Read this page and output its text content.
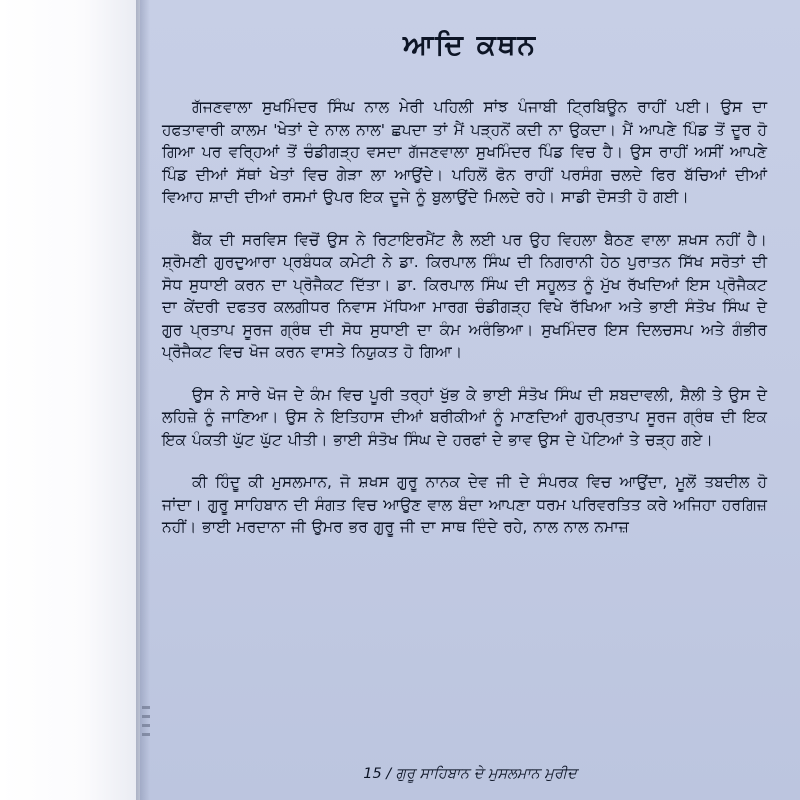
ਆਦਿ ਕਥਨ

ਗੱਜਣਵਾਲਾ ਸੁਖਮਿੰਦਰ ਸਿੰਘ ਨਾਲ ਮੇਰੀ ਪਹਿਲੀ ਸਾਂਝ ਪੰਜਾਬੀ ਟ੍ਰਿਬਿਊਨ ਰਾਹੀਂ ਪਈ। ਉਸ ਦਾ ਹਫਤਾਵਾਰੀ ਕਾਲਮ 'ਖੇਤਾਂ ਦੇ ਨਾਲ ਨਾਲ' ਛਪਦਾ ਤਾਂ ਮੈਂ ਪੜ੍ਹਨੋਂ ਕਦੀ ਨਾ ਉਕਦਾ। ਮੈਂ ਆਪਣੇ ਪਿੰਡ ਤੋਂ ਦੂਰ ਹੋ ਗਿਆ ਪਰ ਵਰ੍ਹਿਆਂ ਤੋਂ ਚੰਡੀਗੜ੍ਹ ਵਸਦਾ ਗੱਜਣਵਾਲਾ ਸੁਖਮਿੰਦਰ ਪਿੰਡ ਵਿਚ ਹੈ। ਉਸ ਰਾਹੀਂ ਅਸੀਂ ਆਪਣੇ ਪਿੰਡ ਦੀਆਂ ਸੱਥਾਂ ਖੇਤਾਂ ਵਿਚ ਗੇੜਾ ਲਾ ਆਉਂਦੇ। ਪਹਿਲੋਂ ਫੋਨ ਰਾਹੀਂ ਪਰਸੰਗ ਚਲਦੇ ਫਿਰ ਬੱਚਿਆਂ ਦੀਆਂ ਵਿਆਹ ਸ਼ਾਦੀ ਦੀਆਂ ਰਸਮਾਂ ਉਪਰ ਇਕ ਦੂਜੇ ਨੂੰ ਬੁਲਾਉਂਦੇ ਮਿਲਦੇ ਰਹੇ। ਸਾਡੀ ਦੋਸਤੀ ਹੋ ਗਈ।

ਬੈਂਕ ਦੀ ਸਰਵਿਸ ਵਿਚੋਂ ਉਸ ਨੇ ਰਿਟਾਇਰਮੈਂਟ ਲੈ ਲਈ ਪਰ ਉਹ ਵਿਹਲਾ ਬੈਠਣ ਵਾਲਾ ਸ਼ਖਸ ਨਹੀਂ ਹੈ। ਸ਼੍ਰੋਮਣੀ ਗੁਰਦੁਆਰਾ ਪ੍ਰਬੰਧਕ ਕਮੇਟੀ ਨੇ ਡਾ. ਕਿਰਪਾਲ ਸਿੰਘ ਦੀ ਨਿਗਰਾਨੀ ਹੇਠ ਪੁਰਾਤਨ ਸਿੱਖ ਸਰੋਤਾਂ ਦੀ ਸੋਧ ਸੁਧਾਈ ਕਰਨ ਦਾ ਪ੍ਰੋਜੈਕਟ ਦਿੱਤਾ। ਡਾ. ਕਿਰਪਾਲ ਸਿੰਘ ਦੀ ਸਹੂਲਤ ਨੂੰ ਮੁੱਖ ਰੱਖਦਿਆਂ ਇਸ ਪ੍ਰੋਜੈਕਟ ਦਾ ਕੇਂਦਰੀ ਦਫਤਰ ਕਲਗੀਧਰ ਨਿਵਾਸ ਮੱਧਿਆ ਮਾਰਗ ਚੰਡੀਗੜ੍ਹ ਵਿਖੇ ਰੱਖਿਆ ਅਤੇ ਭਾਈ ਸੰਤੋਖ ਸਿੰਘ ਦੇ ਗੁਰ ਪ੍ਰਤਾਪ ਸੂਰਜ ਗ੍ਰੰਥ ਦੀ ਸੋਧ ਸੁਧਾਈ ਦਾ ਕੰਮ ਅਰੰਭਿਆ। ਸੁਖਮਿੰਦਰ ਇਸ ਦਿਲਚਸਪ ਅਤੇ ਗੰਭੀਰ ਪ੍ਰੋਜੈਕਟ ਵਿਚ ਖੋਜ ਕਰਨ ਵਾਸਤੇ ਨਿਯੁਕਤ ਹੋ ਗਿਆ।

ਉਸ ਨੇ ਸਾਰੇ ਖੋਜ ਦੇ ਕੰਮ ਵਿਚ ਪੂਰੀ ਤਰ੍ਹਾਂ ਖੁੱਭ ਕੇ ਭਾਈ ਸੰਤੋਖ ਸਿੰਘ ਦੀ ਸ਼ਬਦਾਵਲੀ, ਸ਼ੈਲੀ ਤੇ ਉਸ ਦੇ ਲਹਿਜ਼ੇ ਨੂੰ ਜਾਣਿਆ। ਉਸ ਨੇ ਇਤਿਹਾਸ ਦੀਆਂ ਬਰੀਕੀਆਂ ਨੂੰ ਮਾਣਦਿਆਂ ਗੁਰਪ੍ਰਤਾਪ ਸੂਰਜ ਗ੍ਰੰਥ ਦੀ ਇਕ ਇਕ ਪੰਕਤੀ ਘੁੱਟ ਘੁੱਟ ਪੀਤੀ। ਭਾਈ ਸੰਤੋਖ ਸਿੰਘ ਦੇ ਹਰਫਾਂ ਦੇ ਭਾਵ ਉਸ ਦੇ ਪੋਟਿਆਂ ਤੇ ਚੜ੍ਹ ਗਏ।

ਕੀ ਹਿੰਦੂ ਕੀ ਮੁਸਲਮਾਨ, ਜੋ ਸ਼ਖਸ ਗੁਰੂ ਨਾਨਕ ਦੇਵ ਜੀ ਦੇ ਸੰਪਰਕ ਵਿਚ ਆਉਂਦਾ, ਮੂਲੋਂ ਤਬਦੀਲ ਹੋ ਜਾਂਦਾ। ਗੁਰੂ ਸਾਹਿਬਾਨ ਦੀ ਸੰਗਤ ਵਿਚ ਆਉਣ ਵਾਲ ਬੰਦਾ ਆਪਣਾ ਧਰਮ ਪਰਿਵਰਤਿਤ ਕਰੇ ਅਜਿਹਾ ਹਰਗਿਜ਼ ਨਹੀਂ। ਭਾਈ ਮਰਦਾਨਾ ਜੀ ਉਮਰ ਭਰ ਗੁਰੂ ਜੀ ਦਾ ਸਾਥ ਦਿੰਦੇ ਰਹੇ, ਨਾਲ ਨਾਲ ਨਮਾਜ਼

15 / ਗੁਰੂ ਸਾਹਿਬਾਨ ਦੇ ਮੁਸਲਮਾਨ ਮੁਰੀਦ
